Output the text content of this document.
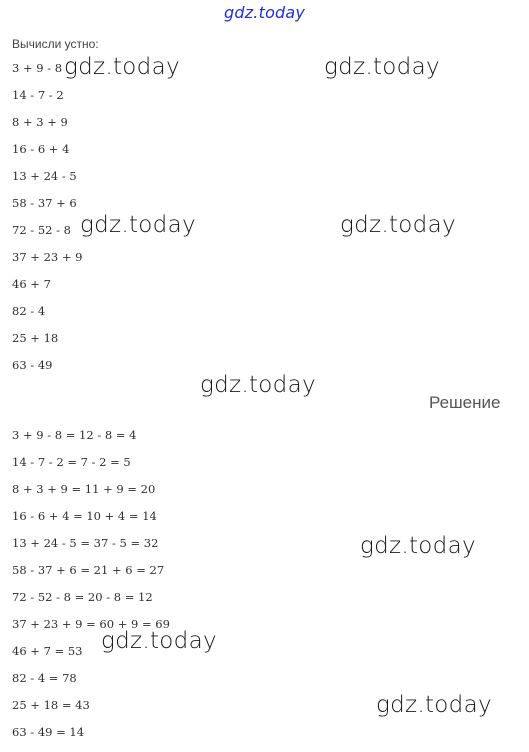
gdz.today
Вычисли устно:
3 + 9 - 8
14 - 7 - 2
8 + 3 + 9
16 - 6 + 4
13 + 24 - 5
58 - 37 + 6
72 - 52 - 8
37 + 23 + 9
46 + 7
82 - 4
25 + 18
63 - 49
Решение
3 + 9 - 8 = 12 - 8 = 4
14 - 7 - 2 = 7 - 2 = 5
8 + 3 + 9 = 11 + 9 = 20
16 - 6 + 4 = 10 + 4 = 14
13 + 24 - 5 = 37 - 5 = 32
58 - 37 + 6 = 21 + 6 = 27
72 - 52 - 8 = 20 - 8 = 12
37 + 23 + 9 = 60 + 9 = 69
46 + 7 = 53
82 - 4 = 78
25 + 18 = 43
63 - 49 = 14
gdz.today	gdz.today
gdz.today	gdz.today
gdz.today
gdz.today
gdz.today
gdz.today
